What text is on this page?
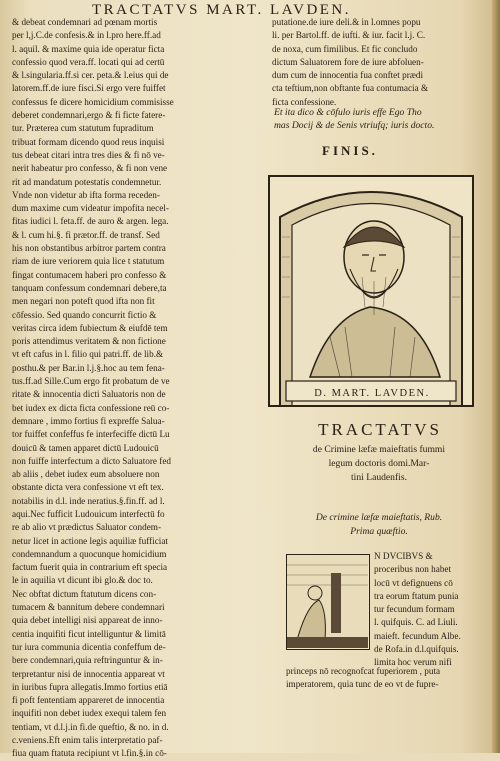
TRACTATVS MART. LAVDEN.

& debeat condemnari ad pœnam mortis

per l,j.C.de confesis.& in l.pro here.ff.ad

l. aquil. & maxime quia ide operatur ficta

confessio quod vera.ff. locati qui ad certū

& l.singularia.ff.si cer. peta.& l.eius qui de

latorem.ff.de iure fisci.Si ergo vere fuiffet

confessus fe dicere homicidium commisisse

deberet condemnari,ergo & fi ficte fatere-

tur. Præterea cum statutum fupraditum

tribuat formam dicendo quod reus inquisi

tus debeat citari intra tres dies & fi nō ve-

nerit habeatur pro confesso, & fi non vene

rit ad mandatum potestatis condemnetur.

Vnde non videtur ab ifta forma receden-

dum maxime cum videatur impofita necel-

fitas iudici l. feta.ff. de auro & argen. lega.

& l. cum hi.§. fi prætor.ff. de transf. Sed

his non obstantibus arbitror partem contra

riam de iure veriorem quia lice t statutum

fingat contumacem haberi pro confesso &

tanquam confessum condemnari debere,ta

men negari non poteft quod ifta non fit

cōfessio. Sed quando concurrit fictio &

veritas circa idem fubiectum & eiufdē tem

poris attendimus veritatem & non fictione

vt eft cafus in l. filio qui patri.ff. de lib.&

posthu.& per Bar.in l.j.§.hoc au tem fena-

tus.ff.ad Sille.Cum ergo fit probatum de ve

ritate & innocentia dicti Saluatoris non de

bet iudex ex dicta ficta confessione reū co-

demnare , immo fortius fi expreffe Salua-

tor fuiffet confeffus fe interfeciffe dictū Lu

douicū & tamen apparet dictū Ludouicū

non fuiffe interfectum a dicto Saluatore fed

ab aliis , debet iudex eum absoluere non

obstante dicta vera confessione vt eft tex.

notabilis in d.l. inde neratius.§.fin.ff. ad l.

aqui.Nec fufficit Ludouicum interfectū fo

re ab alio vt prædictus Saluator condem-

netur licet in actione legis aquiliæ fufficiat

condemnandum a quocunque homicidium

factum fuerit quia in contrarium eft specia

le in aquilia vt dicunt ibi glo.& doc to.

Nec obftat dictum ftatutum dicens con-

tumacem & bannitum debere condemnari

quia debet intelligi nisi appareat de inno-

centia inquifiti ficut intelliguntur & limitā

tur iura communia dicentia confeffum de-

bere condemnari,quia reftringuntur & in-

terpretantur nisi de innocentia appareat vt

in iuribus fupra allegatis.Immo fortius etiā

fi poft fententiam appareret de innocentia

inquifiti non debet iudex exequi talem fen

tentiam, vt d.l.j.in fi.de queftio, & no. in d.

c.veniens.Eft enim talis interpretatio paf-

fiua quam ftatuta recipiunt vt l.fin.§.in cō-

putatione.de iure deli.& in l.omnes popu

li. per Bartol.ff. de iufti. & iur. facit l.j. C.

de noxa, cum fimilibus. Et fic concludo

dictum Saluatorem fore de iure abfoluen-

dum cum de innocentia fua conftet prædi

cta teftium,non obftante fua contumacia &

ficta confessione.

Et ita dico & cōfulo iuris effe Ego Tho

mas Docij & de Senis vtriufq; iuris docto.

FINIS.
D. MART. LAVDEN.
TRACTATVS

de Crimine læfæ maieftatis fummi

legum doctoris domi.Mar-

tini Laudenfis.

De crimine læfæ maieftatis, Rub.

Prima quæftio.

N DVCIBVS &

proceribus non habet

locū vt defignuens cō

tra eorum ftatum punia

tur fecundum formam

l. quifquis. C. ad Liuli.

maieft. fecundum Albe.

de Rofa.in d.l.quifquis.

limita hoc verum nifi

princeps nō recognofcat fuperiorem , puta

imperatorem, quia tunc de eo vt de fupre-
